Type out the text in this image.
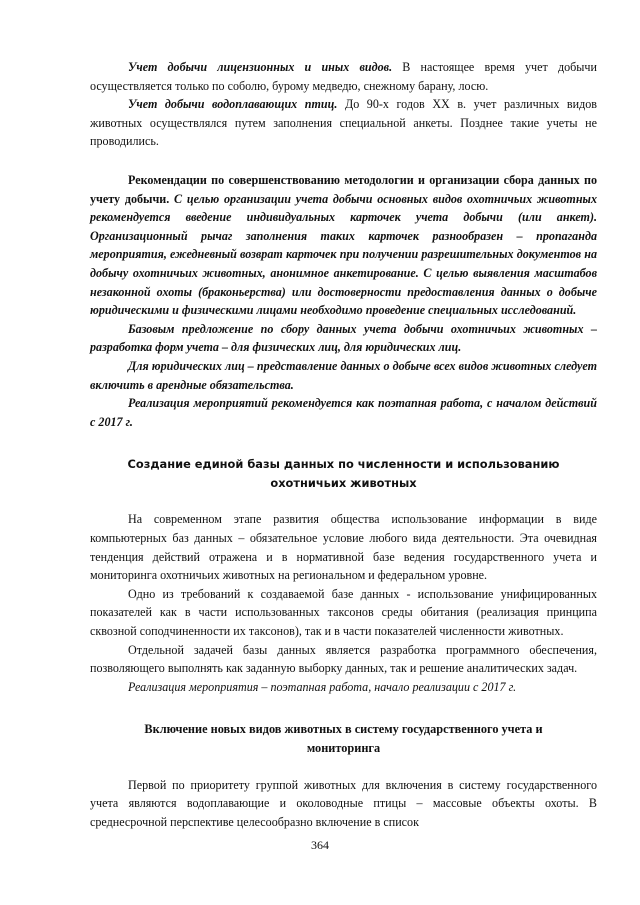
Учет добычи лицензионных и иных видов. В настоящее время учет добычи осуществляется только по соболю, бурому медведю, снежному барану, лосю.

Учет добычи водоплавающих птиц. До 90-х годов XX в. учет различных видов животных осуществлялся путем заполнения специальной анкеты. Позднее такие учеты не проводились.

Рекомендации по совершенствованию методологии и организации сбора данных по учету добычи. С целью организации учета добычи основных видов охотничьих животных рекомендуется введение индивидуальных карточек учета добычи (или анкет). Организационный рычаг заполнения таких карточек разнообразен – пропаганда мероприятия, ежедневный возврат карточек при получении разрешительных документов на добычу охотничьих животных, анонимное анкетирование. С целью выявления масштабов незаконной охоты (браконьерства) или достоверности предоставления данных о добыче юридическими и физическими лицами необходимо проведение специальных исследований.

Базовым предложение по сбору данных учета добычи охотничьих животных – разработка форм учета – для физических лиц, для юридических лиц.

Для юридических лиц – представление данных о добыче всех видов животных следует включить в арендные обязательства.

Реализация мероприятий рекомендуется как поэтапная работа, с началом действий с 2017 г.

Создание единой базы данных по численности и использованию охотничьих животных

На современном этапе развития общества использование информации в виде компьютерных баз данных – обязательное условие любого вида деятельности. Эта очевидная тенденция действий отражена и в нормативной базе ведения государственного учета и мониторинга охотничьих животных на региональном и федеральном уровне.

Одно из требований к создаваемой базе данных - использование унифицированных показателей как в части использованных таксонов среды обитания (реализация принципа сквозной соподчиненности их таксонов), так и в части показателей численности животных.

Отдельной задачей базы данных является разработка программного обеспечения, позволяющего выполнять как заданную выборку данных, так и решение аналитических задач.

Реализация мероприятия – поэтапная работа, начало реализации с 2017 г.

Включение новых видов животных в систему государственного учета и мониторинга

Первой по приоритету группой животных для включения в систему государственного учета являются водоплавающие и околоводные птицы – массовые объекты охоты. В среднесрочной перспективе целесообразно включение в список

364
